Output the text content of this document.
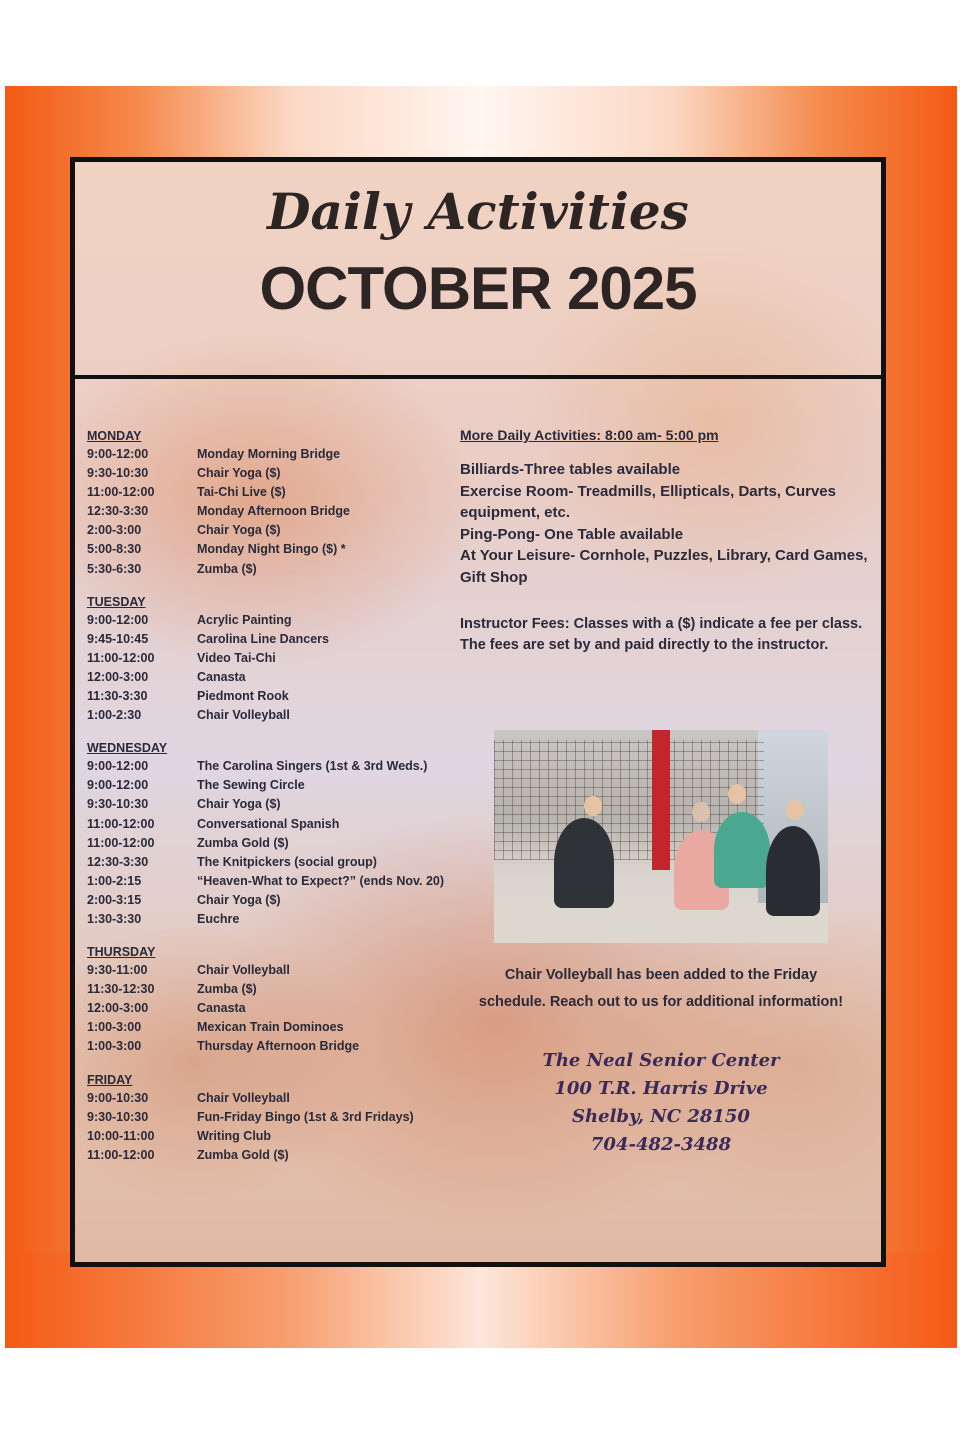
Daily Activities
OCTOBER 2025
MONDAY
9:00-12:00	Monday Morning Bridge
9:30-10:30	Chair Yoga ($)
11:00-12:00	Tai-Chi Live ($)
12:30-3:30	Monday Afternoon Bridge
2:00-3:00	Chair Yoga ($)
5:00-8:30	Monday Night Bingo ($) *
5:30-6:30	Zumba ($)
TUESDAY
9:00-12:00	Acrylic Painting
9:45-10:45	Carolina Line Dancers
11:00-12:00	Video Tai-Chi
12:00-3:00	Canasta
11:30-3:30	Piedmont Rook
1:00-2:30	Chair Volleyball
WEDNESDAY
9:00-12:00	The Carolina Singers (1st & 3rd Weds.)
9:00-12:00	The Sewing Circle
9:30-10:30	Chair Yoga ($)
11:00-12:00	Conversational Spanish
11:00-12:00	Zumba Gold ($)
12:30-3:30	The Knitpickers (social group)
1:00-2:15	“Heaven-What to Expect?” (ends Nov. 20)
2:00-3:15	Chair Yoga ($)
1:30-3:30	Euchre
THURSDAY
9:30-11:00	Chair Volleyball
11:30-12:30	Zumba ($)
12:00-3:00	Canasta
1:00-3:00	Mexican Train Dominoes
1:00-3:00	Thursday Afternoon Bridge
FRIDAY
9:00-10:30	Chair Volleyball
9:30-10:30	Fun-Friday Bingo (1st & 3rd Fridays)
10:00-11:00	Writing Club
11:00-12:00	Zumba Gold ($)
More Daily Activities: 8:00 am- 5:00 pm
Billiards-Three tables available
Exercise Room- Treadmills, Ellipticals, Darts, Curves equipment, etc.
Ping-Pong- One Table available
At Your Leisure- Cornhole, Puzzles, Library, Card Games, Gift Shop
Instructor Fees: Classes with a ($) indicate a fee per class. The fees are set by and paid directly to the instructor.
Chair Volleyball has been added to the Friday schedule. Reach out to us for additional information!
The Neal Senior Center
100 T.R. Harris Drive
Shelby, NC 28150
704-482-3488
